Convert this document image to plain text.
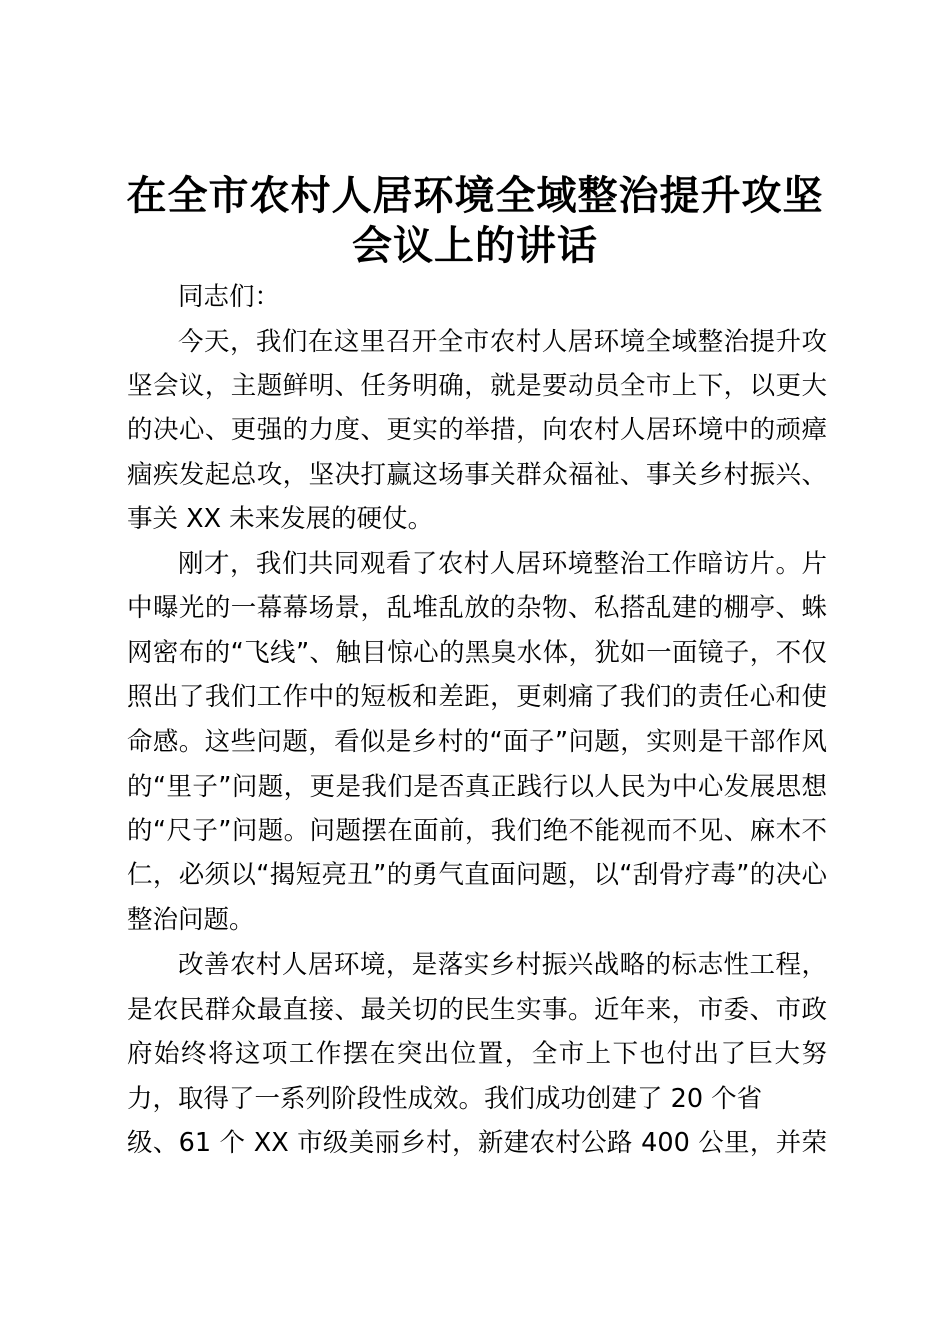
在全市农村人居环境全域整治提升攻坚
会议上的讲话
同志们：
今天，我们在这里召开全市农村人居环境全域整治提升攻
坚会议，主题鲜明、任务明确，就是要动员全市上下，以更大
的决心、更强的力度、更实的举措，向农村人居环境中的顽瘴
痼疾发起总攻，坚决打赢这场事关群众福祉、事关乡村振兴、
事关 XX 未来发展的硬仗。
刚才，我们共同观看了农村人居环境整治工作暗访片。片
中曝光的一幕幕场景，乱堆乱放的杂物、私搭乱建的棚亭、蛛
网密布的“飞线”、触目惊心的黑臭水体，犹如一面镜子，不仅
照出了我们工作中的短板和差距，更刺痛了我们的责任心和使
命感。这些问题，看似是乡村的“面子”问题，实则是干部作风
的“里子”问题，更是我们是否真正践行以人民为中心发展思想
的“尺子”问题。问题摆在面前，我们绝不能视而不见、麻木不
仁，必须以“揭短亮丑”的勇气直面问题，以“刮骨疗毒”的决心
整治问题。
改善农村人居环境，是落实乡村振兴战略的标志性工程，
是农民群众最直接、最关切的民生实事。近年来，市委、市政
府始终将这项工作摆在突出位置，全市上下也付出了巨大努
力，取得了一系列阶段性成效。我们成功创建了 20 个省
级、61 个 XX 市级美丽乡村，新建农村公路 400 公里，并荣
